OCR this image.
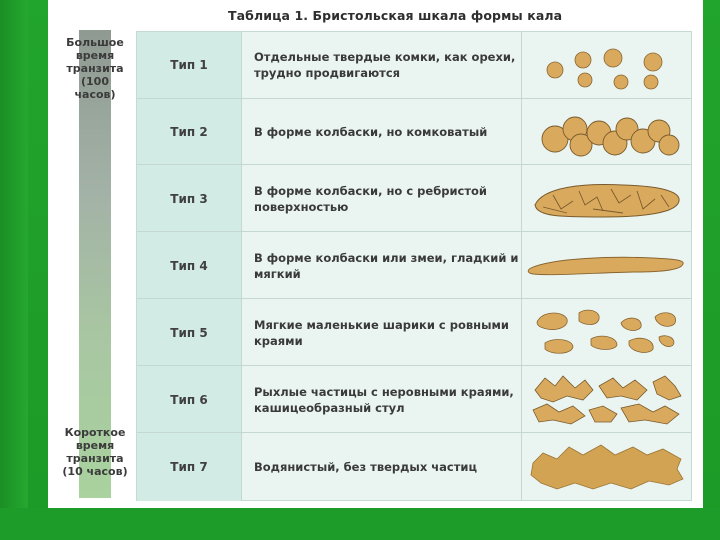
Таблица 1. Бристольская шкала формы кала
Большое
время
транзита
(100 часов)
Короткое
время
транзита
(10 часов)
Тип 1
Отдельные твердые комки, как орехи, трудно продвигаются
Тип 2	В форме колбаски, но комковатый
Тип 3
В форме колбаски, но с ребристой поверхностью
Тип 4
В форме колбаски или змеи, гладкий и мягкий
Тип 5
Мягкие маленькие шарики с ровными краями
Тип 6
Рыхлые частицы с неровными краями, кашицеобразный стул
Тип 7	Водянистый, без твердых частиц
